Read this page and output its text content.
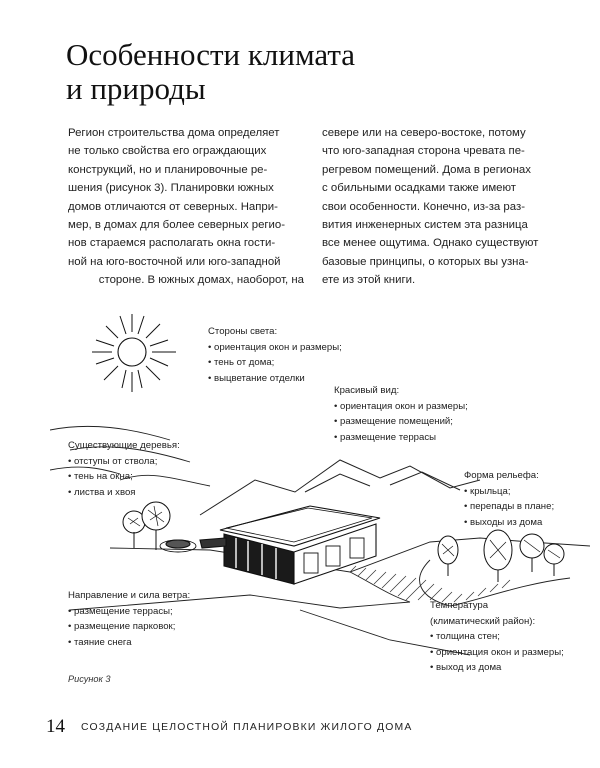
Особенности климата
и природы
Регион строительства дома определяет
не только свойства его ограждающих
конструкций, но и планировочные ре-
шения (рисунок 3). Планировки южных
домов отличаются от северных. Напри-
мер, в домах для более северных регио-
нов стараемся располагать окна гости-
ной на юго-восточной или юго-западной
стороне. В южных домах, наоборот, на
севере или на северо-востоке, потому
что юго-западная сторона чревата пе-
регревом помещений. Дома в регионах
с обильными осадками также имеют
свои особенности. Конечно, из-за раз-
вития инженерных систем эта разница
все менее ощутима. Однако существуют
базовые принципы, о которых вы узна-
ете из этой книги.
Стороны света:
• ориентация окон и размеры;
• тень от дома;
• выцветание отделки
Красивый вид:
• ориентация окон и размеры;
• размещение помещений;
• размещение террасы
Существующие деревья:
• отступы от ствола;
• тень на окна;
• листва и хвоя
Форма рельефа:
• крыльца;
• перепады в плане;
• выходы из дома
Направление и сила ветра:
• размещение террасы;
• размещение парковок;
• таяние снега
Температура
(климатический район):
• толщина стен;
• ориентация окон и размеры;
• выход из дома
Рисунок 3
14 СОЗДАНИЕ ЦЕЛОСТНОЙ ПЛАНИРОВКИ ЖИЛОГО ДОМА
